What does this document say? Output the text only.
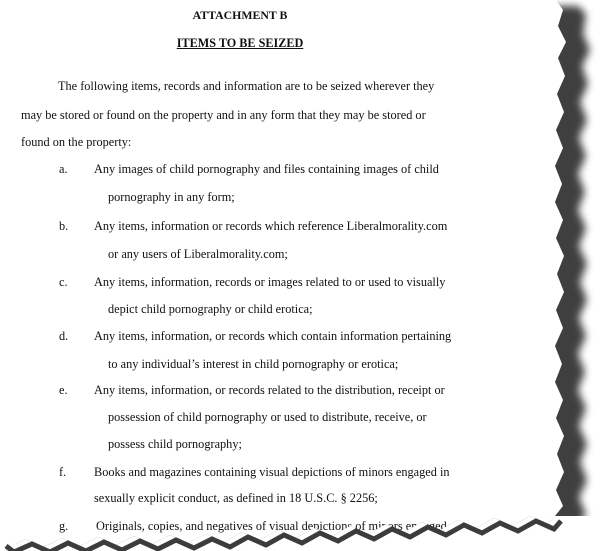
ATTACHMENT B
ITEMS TO BE SEIZED
The following items, records and information are to be seized wherever they
may be stored or found on the property and in any form that they may be stored or
found on the property:
a. Any images of child pornography and files containing images of child
pornography in any form;
b. Any items, information or records which reference Liberalmorality.com
or any users of Liberalmorality.com;
c. Any items, information, records or images related to or used to visually
depict child pornography or child erotica;
d. Any items, information, or records which contain information pertaining
to any individual’s interest in child pornography or erotica;
e. Any items, information, or records related to the distribution, receipt or
possession of child pornography or used to distribute, receive, or
possess child pornography;
f. Books and magazines containing visual depictions of minors engaged in
sexually explicit conduct, as defined in 18 U.S.C. § 2256;
g. Originals, copies, and negatives of visual depictions of minors engaged
